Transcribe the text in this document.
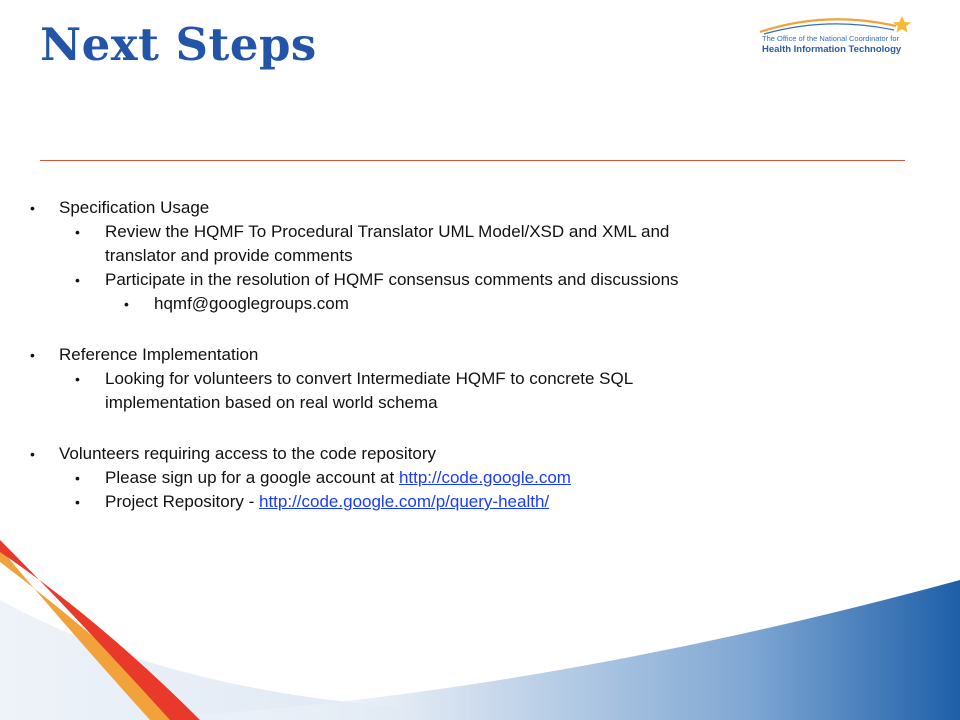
Next Steps	The Office of the National Coordinator for
Health Information Technology
• Specification Usage
• Review the HQMF To Procedural Translator UML Model/XSD and XML and
translator and provide comments
• Participate in the resolution of HQMF consensus comments and discussions
• hqmf@googlegroups.com
• Reference Implementation
• Looking for volunteers to convert Intermediate HQMF to concrete SQL
implementation based on real world schema
• Volunteers requiring access to the code repository
• Please sign up for a google account at http://code.google.com
• Project Repository - http://code.google.com/p/query-health/
